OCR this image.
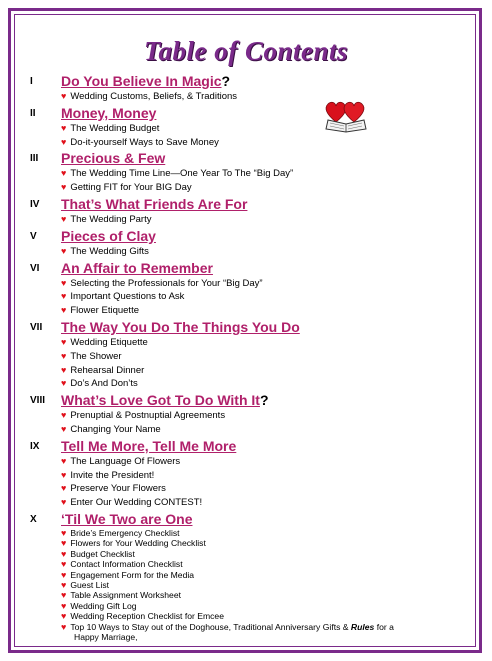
Table of Contents
I Do You Believe In Magic?
♥ Wedding Customs, Beliefs, & Traditions
II Money, Money
♥ The Wedding Budget
♥ Do-it-yourself Ways to Save Money
III Precious & Few
♥ The Wedding Time Line—One Year To The “Big Day”
♥ Getting FIT for Your BIG Day
IV That’s What Friends Are For
♥ The Wedding Party
V Pieces of Clay
♥ The Wedding Gifts
VI An Affair to Remember
♥ Selecting the Professionals for Your “Big Day”
♥ Important Questions to Ask
♥ Flower Etiquette
VII The Way You Do The Things You Do
♥ Wedding Etiquette
♥ The Shower
♥ Rehearsal Dinner
♥ Do’s And Don’ts
VIII What’s Love Got To Do With It?
♥ Prenuptial & Postnuptial Agreements
♥ Changing Your Name
IX Tell Me More, Tell Me More
♥ The Language Of Flowers
♥ Invite the President!
♥ Preserve Your Flowers
♥ Enter Our Wedding CONTEST!
X ‘Til We Two are One
♥ Bride’s Emergency Checklist
♥ Flowers for Your Wedding Checklist
♥ Budget Checklist
♥ Contact Information Checklist
♥ Engagement Form for the Media
♥ Guest List
♥ Table Assignment Worksheet
♥ Wedding Gift Log
♥ Wedding Reception Checklist for Emcee
♥ Top 10 Ways to Stay out of the Doghouse, Traditional Anniversary Gifts & Rules for a
Happy Marriage,
